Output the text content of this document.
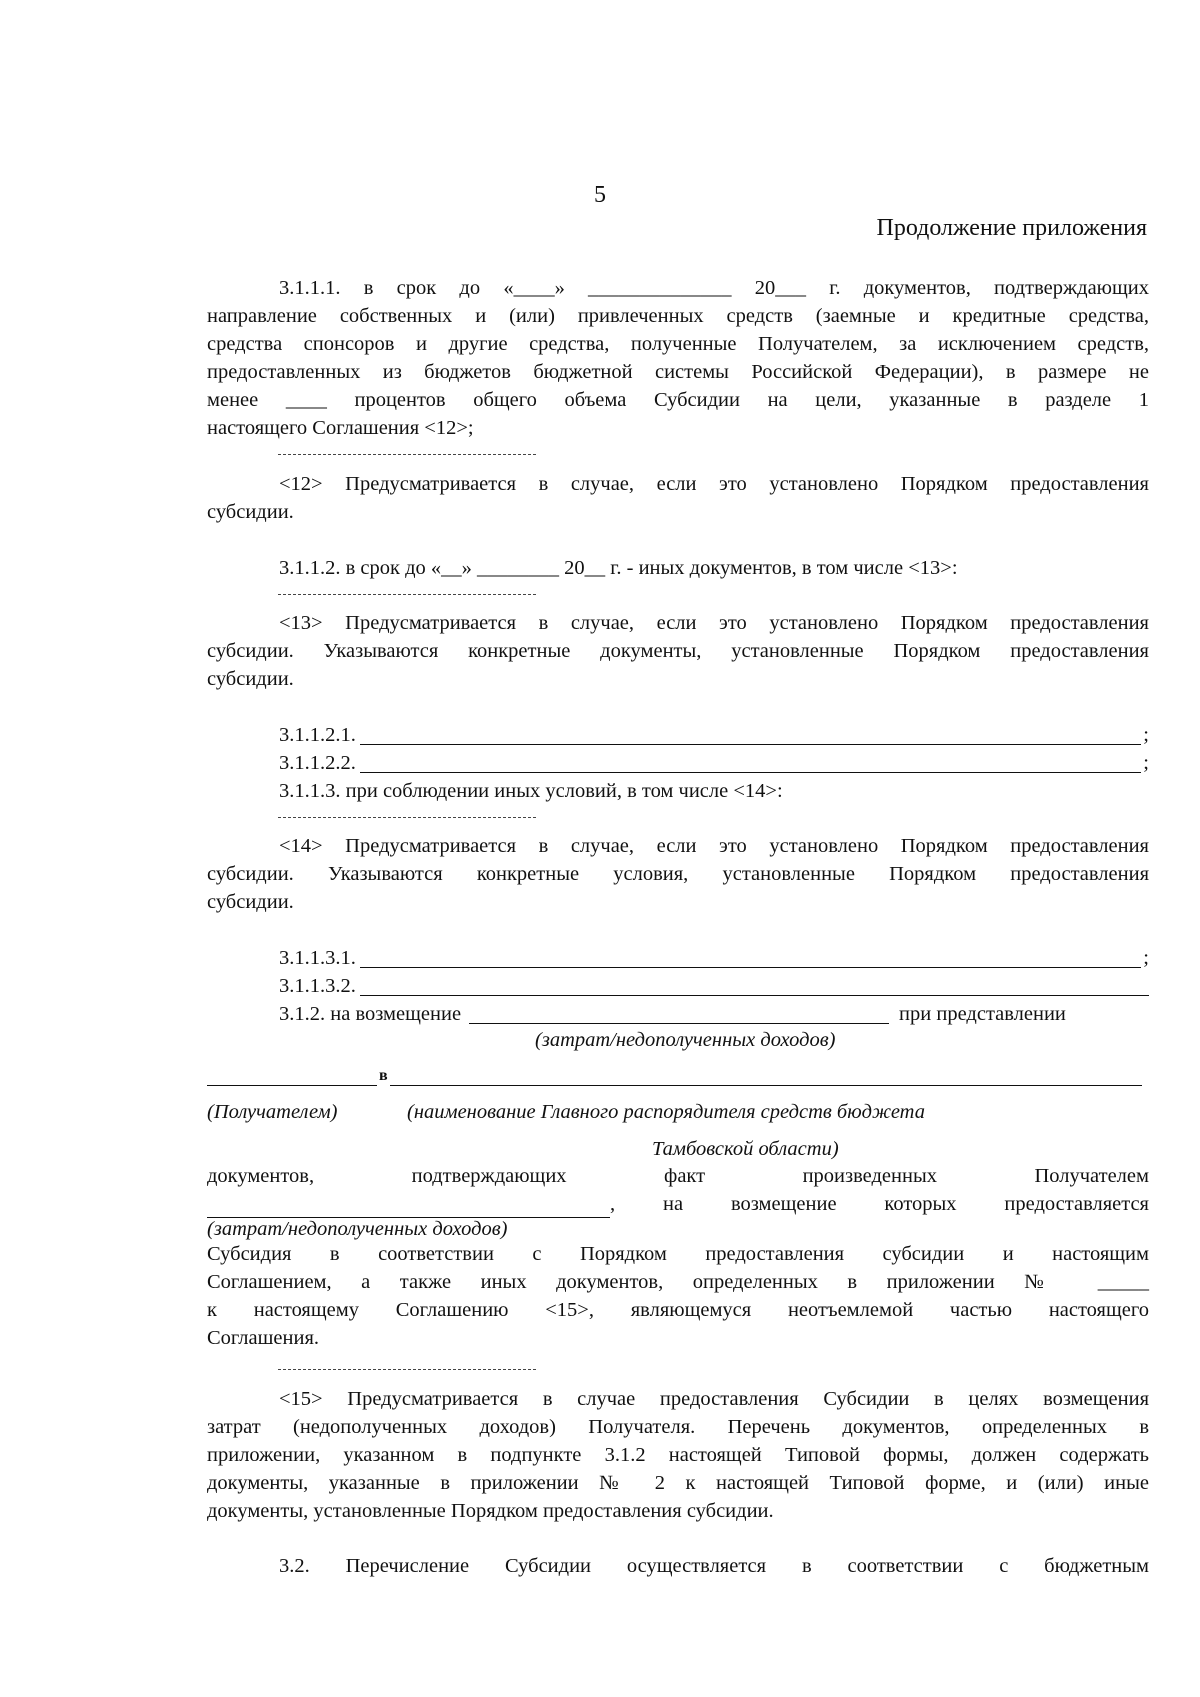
5
Продолжение приложения
3.1.1.1. в срок до «____» ______________ 20___ г. документов, подтверждающих
направление собственных и (или) привлеченных средств (заемные и кредитные средства,
средства спонсоров и другие средства, полученные Получателем, за исключением средств,
предоставленных из бюджетов бюджетной системы Российской Федерации), в размере не
менее ____ процентов общего объема Субсидии на цели, указанные в разделе 1
настоящего Соглашения <12>;
<12> Предусматривается в случае, если это установлено Порядком предоставления
субсидии.
3.1.1.2. в срок до «__» ________ 20__ г. - иных документов, в том числе <13>:
<13> Предусматривается в случае, если это установлено Порядком предоставления
субсидии. Указываются конкретные документы, установленные Порядком предоставления
субсидии.
3.1.1.2.1.	;
3.1.1.2.2.	;
3.1.1.3. при соблюдении иных условий, в том числе <14>:
<14> Предусматривается в случае, если это установлено Порядком предоставления
субсидии. Указываются конкретные условия, установленные Порядком предоставления
субсидии.
3.1.1.3.1.	;
3.1.1.3.2.
3.1.2. на возмещение	при представлении
(затрат/недополученных доходов)
в
(Получателем)	(наименование Главного распорядителя средств бюджета
Тамбовской области)
документов,	подтверждающих	факт	произведенных	Получателем
, на возмещение которых предоставляется
(затрат/недополученных доходов)
Субсидия в соответствии с Порядком предоставления субсидии и настоящим
Соглашением, а также иных документов, определенных в приложении № _____
к настоящему Соглашению <15>, являющемуся неотъемлемой частью настоящего
Соглашения.
<15> Предусматривается в случае предоставления Субсидии в целях возмещения
затрат (недополученных доходов) Получателя. Перечень документов, определенных в
приложении, указанном в подпункте 3.1.2 настоящей Типовой формы, должен содержать
документы, указанные в приложении № 2 к настоящей Типовой форме, и (или) иные
документы, установленные Порядком предоставления субсидии.
3.2. Перечисление Субсидии осуществляется в соответствии с бюджетным
